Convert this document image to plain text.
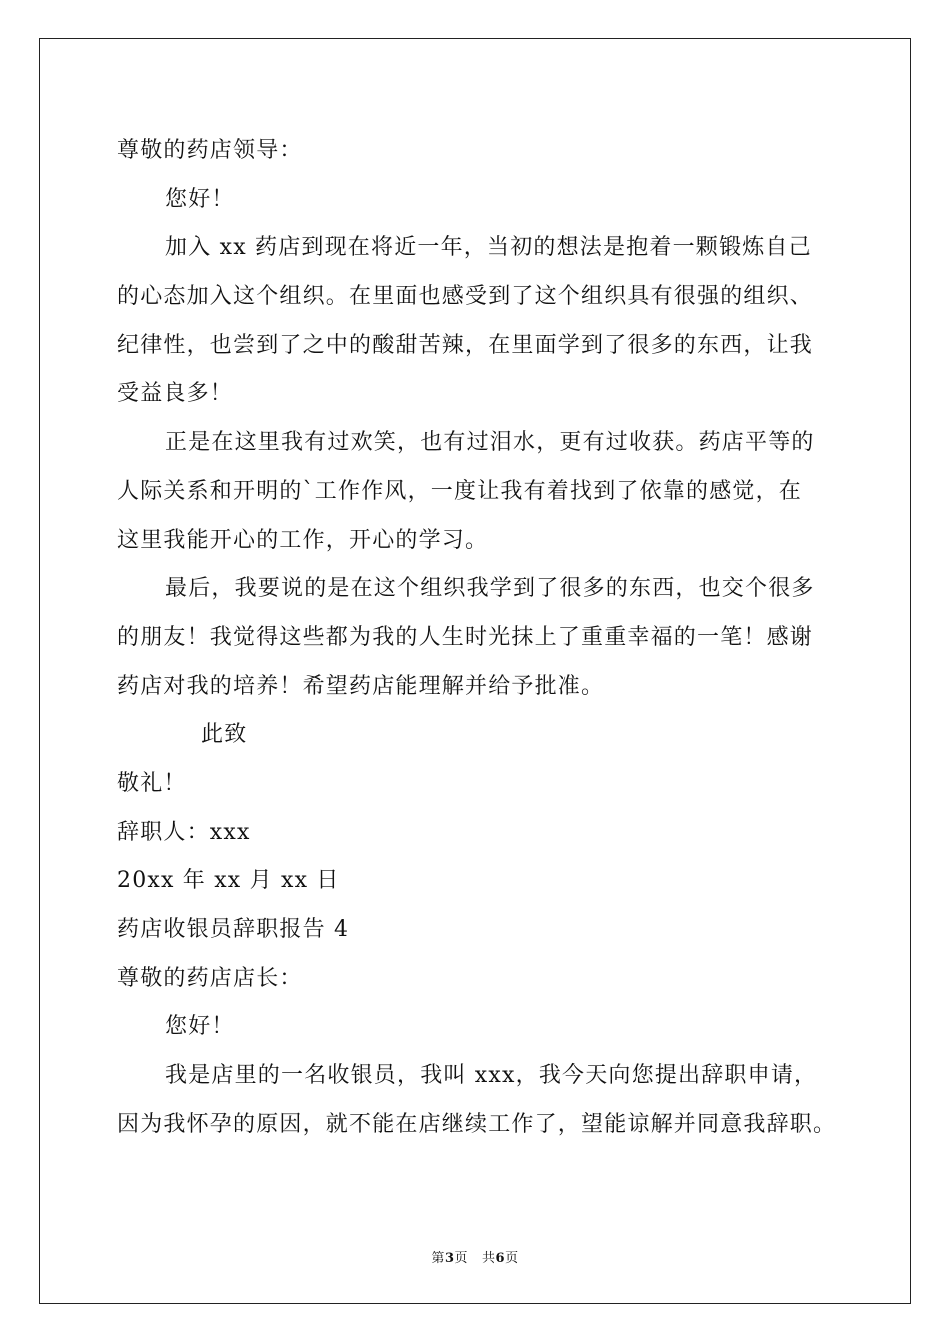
尊敬的药店领导：
您好！
加入 xx 药店到现在将近一年，当初的想法是抱着一颗锻炼自己
的心态加入这个组织。在里面也感受到了这个组织具有很强的组织、
纪律性，也尝到了之中的酸甜苦辣，在里面学到了很多的东西，让我
受益良多！
正是在这里我有过欢笑，也有过泪水，更有过收获。药店平等的
人际关系和开明的`工作作风，一度让我有着找到了依靠的感觉，在
这里我能开心的工作，开心的学习。
最后，我要说的是在这个组织我学到了很多的东西，也交个很多
的朋友！我觉得这些都为我的人生时光抹上了重重幸福的一笔！感谢
药店对我的培养！希望药店能理解并给予批准。
此致
敬礼！
辞职人：xxx
20xx 年 xx 月 xx 日
药店收银员辞职报告 4
尊敬的药店店长：
您好！
我是店里的一名收银员，我叫 xxx，我今天向您提出辞职申请，
因为我怀孕的原因，就不能在店继续工作了，望能谅解并同意我辞职。
第3页 共6页
